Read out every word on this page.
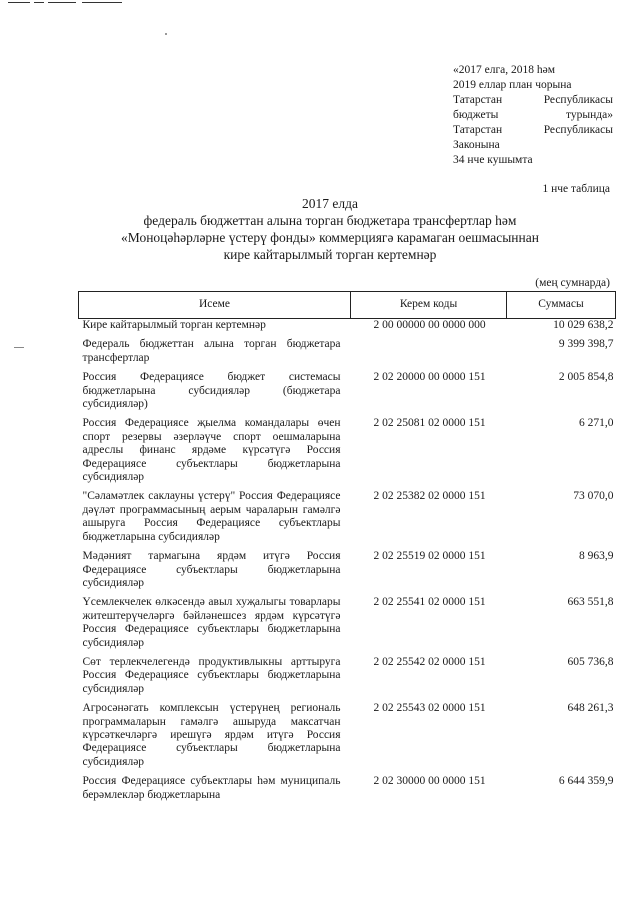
«2017 елга, 2018 һәм
2019 еллар план чорына
Татарстан	Республикасы
бюджеты	турында»
Татарстан	Республикасы
Законына
34 нче кушымта
1 нче таблица
2017 елда
федераль бюджеттан алына торган бюджетара трансфертлар һәм
«Моноцәһәрләрне үстерү фонды» коммерциягә карамаган оешмасыннан
кире кайтарылмый торган кертемнәр
(мең сумнарда)
Исеме	Керем коды	Суммасы
Кире кайтарылмый торган кертемнәр	2 00 00000 00 0000 000	10 029 638,2
Федераль бюджеттан алына торган бюджетара трансфертлар		9 399 398,7
Россия Федерациясе бюджет системасы бюджетларына субсидияләр (бюджетара субсидияләр)	2 02 20000 00 0000 151	2 005 854,8
Россия Федерациясе җыелма командалары өчен спорт резервы әзерләүче спорт оешмаларына адреслы финанс ярдәме күрсәтүгә Россия Федерациясе субъектлары бюджетларына субсидияләр	2 02 25081 02 0000 151	6 271,0
"Сәламәтлек саклауны үстерү" Россия Федерациясе дәүләт программасының аерым чараларын гамәлгә ашыруга Россия Федерациясе субъектлары бюджетларына субсидияләр	2 02 25382 02 0000 151	73 070,0
Мәдәният тармагына ярдәм итүгә Россия Федерациясе субъектлары бюджетларына субсидияләр	2 02 25519 02 0000 151	8 963,9
Үсемлекчелек өлкәсендә авыл хуҗалыгы товарлары житештерүчеләргә бәйләнешсез ярдәм күрсәтүгә Россия Федерациясе субъектлары бюджетларына субсидияләр	2 02 25541 02 0000 151	663 551,8
Сөт терлекчелегендә продуктивлыкны арттыруга Россия Федерациясе субъектлары бюджетларына субсидияләр	2 02 25542 02 0000 151	605 736,8
Агросәнәгать комплексын үстерүнең региональ программаларын гамәлгә ашыруда максатчан күрсәткечләргә ирешүгә ярдәм итүгә Россия Федерациясе субъектлары бюджетларына субсидияләр	2 02 25543 02 0000 151	648 261,3
Россия Федерациясе субъектлары һәм муниципаль берәмлекләр бюджетларына	2 02 30000 00 0000 151	6 644 359,9
